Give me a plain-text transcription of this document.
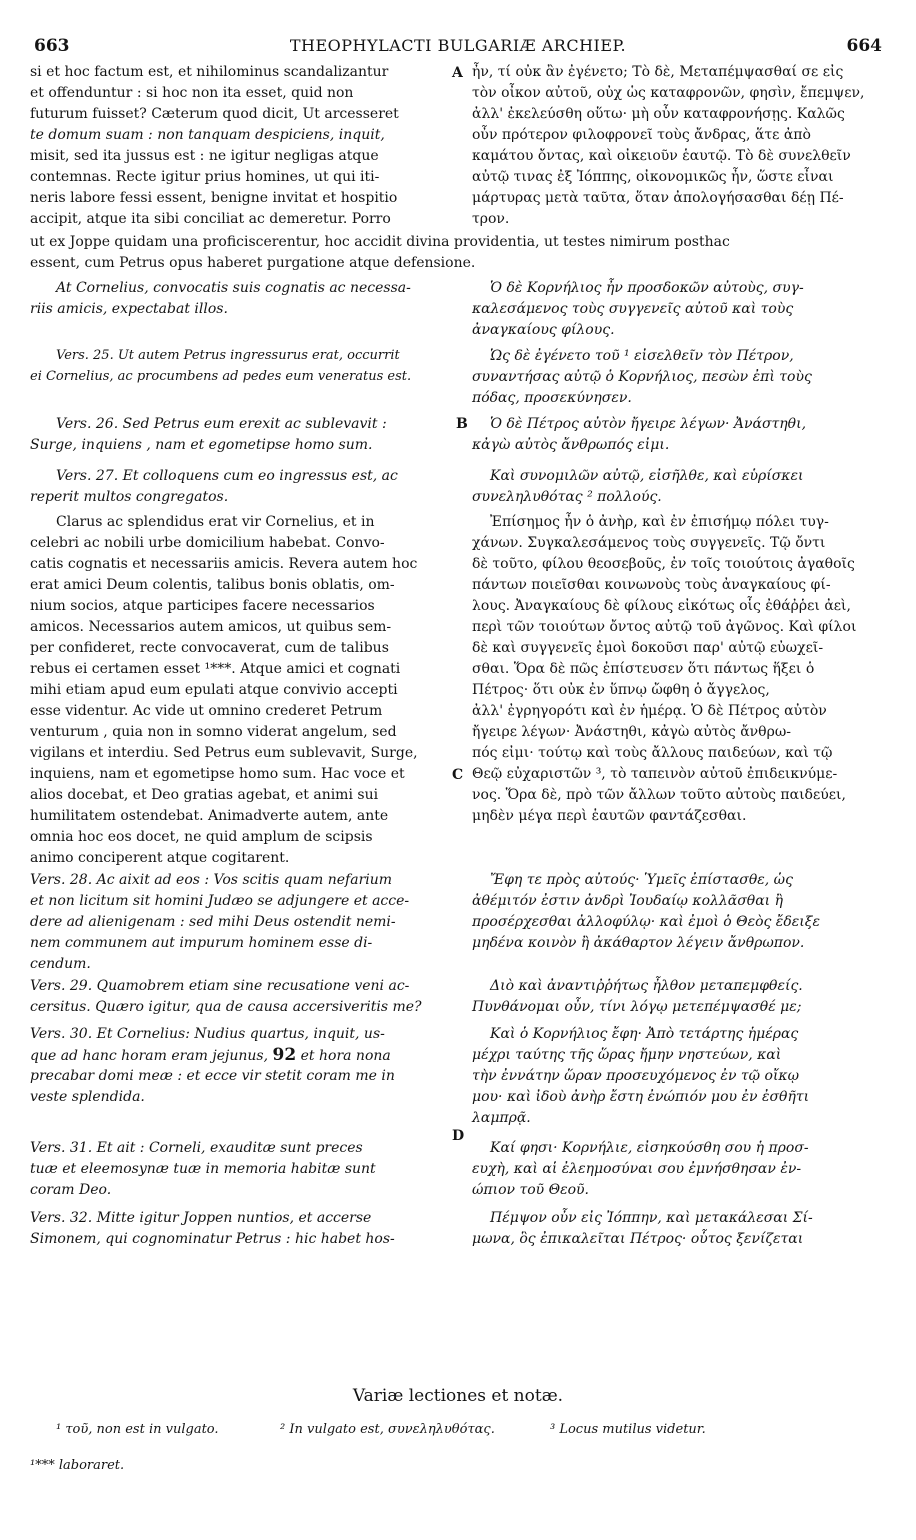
663	THEOPHYLACTI BULGARIÆ ARCHIEP.	664
A
B
C
D
si et hoc factum est, et nihilominus scandalizantur
et offenduntur : si hoc non ita esset, quid non
futurum fuisset? Cæterum quod dicit, Ut arcesseret
te domum suam : non tanquam despiciens, inquit,
misit, sed ita jussus est : ne igitur negligas atque
contemnas. Recte igitur prius homines, ut qui iti-
neris labore fessi essent, benigne invitat et hospitio
accipit, atque ita sibi conciliat ac demeretur. Porro
ut ex Joppe quidam una proficiscerentur, hoc accidit divina providentia, ut testes nimirum posthac
essent, cum Petrus opus haberet purgatione atque defensione.
At Cornelius, convocatis suis cognatis ac necessa-
riis amicis, expectabat illos.
Vers. 25. Ut autem Petrus ingressurus erat, occurrit
ei Cornelius, ac procumbens ad pedes eum veneratus est.
Vers. 26. Sed Petrus eum erexit ac sublevavit :
Surge, inquiens , nam et egometipse homo sum.
Vers. 27. Et colloquens cum eo ingressus est, ac
reperit multos congregatos.
Clarus ac splendidus erat vir Cornelius, et in
celebri ac nobili urbe domicilium habebat. Convo-
catis cognatis et necessariis amicis. Revera autem hoc
erat amici Deum colentis, talibus bonis oblatis, om-
nium socios, atque participes facere necessarios
amicos. Necessarios autem amicos, ut quibus sem-
per confideret, recte convocaverat, cum de talibus
rebus ei certamen esset ¹***. Atque amici et cognati
mihi etiam apud eum epulati atque convivio accepti
esse videntur. Ac vide ut omnino crederet Petrum
venturum , quia non in somno viderat angelum, sed
vigilans et interdiu. Sed Petrus eum sublevavit, Surge,
inquiens, nam et egometipse homo sum. Hac voce et
alios docebat, et Deo gratias agebat, et animi sui
humilitatem ostendebat. Animadverte autem, ante
omnia hoc eos docet, ne quid amplum de scipsis
animo conciperent atque cogitarent.
Vers. 28. Ac aixit ad eos : Vos scitis quam nefarium
et non licitum sit homini Judæo se adjungere et acce-
dere ad alienigenam : sed mihi Deus ostendit nemi-
nem communem aut impurum hominem esse di-
cendum.
Vers. 29. Quamobrem etiam sine recusatione veni ac-
cersitus. Quæro igitur, qua de causa accersiveritis me?
Vers. 30. Et Cornelius: Nudius quartus, inquit, us-
que ad hanc horam eram jejunus, 92 et hora nona
precabar domi meæ : et ecce vir stetit coram me in
veste splendida.
Vers. 31. Et ait : Corneli, exauditæ sunt preces
tuæ et eleemosynæ tuæ in memoria habitæ sunt
coram Deo.
Vers. 32. Mitte igitur Joppen nuntios, et accerse
Simonem, qui cognominatur Petrus : hic habet hos-
ἦν, τί οὐκ ἂν ἐγένετο; Τὸ δὲ, Μεταπέμψασθαί σε εἰς
τὸν οἶκον αὐτοῦ, οὐχ ὡς καταφρονῶν, φησὶν, ἔπεμψεν,
ἀλλ' ἐκελεύσθη οὕτω· μὴ οὖν καταφρονήσῃς. Καλῶς
οὖν πρότερον φιλοφρονεῖ τοὺς ἄνδρας, ἅτε ἀπὸ
καμάτου ὄντας, καὶ οἰκειοῦν ἑαυτῷ. Τὸ δὲ συνελθεῖν
αὐτῷ τινας ἐξ Ἰόππης, οἰκονομικῶς ἦν, ὥστε εἶναι
μάρτυρας μετὰ ταῦτα, ὅταν ἀπολογήσασθαι δέῃ Πέ-
τρον.
Ὁ δὲ Κορνήλιος ἦν προσδοκῶν αὐτοὺς, συγ-
καλεσάμενος τοὺς συγγενεῖς αὐτοῦ καὶ τοὺς
ἀναγκαίους φίλους.
Ὡς δὲ ἐγένετο τοῦ ¹ εἰσελθεῖν τὸν Πέτρον,
συναντήσας αὐτῷ ὁ Κορνήλιος, πεσὼν ἐπὶ τοὺς
πόδας, προσεκύνησεν.
Ὁ δὲ Πέτρος αὐτὸν ἤγειρε λέγων· Ἀνάστηθι,
κἀγὼ αὐτὸς ἄνθρωπός εἰμι.
Καὶ συνομιλῶν αὐτῷ, εἰσῆλθε, καὶ εὑρίσκει
συνεληλυθότας ² πολλούς.
Ἐπίσημος ἦν ὁ ἀνὴρ, καὶ ἐν ἐπισήμῳ πόλει τυγ-
χάνων. Συγκαλεσάμενος τοὺς συγγενεῖς. Τῷ ὄντι
δὲ τοῦτο, φίλου θεοσεβοῦς, ἐν τοῖς τοιούτοις ἀγαθοῖς
πάντων ποιεῖσθαι κοινωνοὺς τοὺς ἀναγκαίους φί-
λους. Ἀναγκαίους δὲ φίλους εἰκότως οἷς ἐθάῤῥει ἀεὶ,
περὶ τῶν τοιούτων ὄντος αὐτῷ τοῦ ἀγῶνος. Καὶ φίλοι
δὲ καὶ συγγενεῖς ἐμοὶ δοκοῦσι παρ' αὐτῷ εὐωχεῖ-
σθαι. Ὅρα δὲ πῶς ἐπίστευσεν ὅτι πάντως ἥξει ὁ
Πέτρος· ὅτι οὐκ ἐν ὕπνῳ ὤφθη ὁ ἄγγελος,
ἀλλ' ἐγρηγορότι καὶ ἐν ἡμέρᾳ. Ὁ δὲ Πέτρος αὐτὸν
ἤγειρε λέγων· Ἀνάστηθι, κἀγὼ αὐτὸς ἄνθρω-
πός εἰμι· τούτῳ καὶ τοὺς ἄλλους παιδεύων, καὶ τῷ
Θεῷ εὐχαριστῶν ³, τὸ ταπεινὸν αὐτοῦ ἐπιδεικνύμε-
νος. Ὅρα δὲ, πρὸ τῶν ἄλλων τοῦτο αὐτοὺς παιδεύει,
μηδὲν μέγα περὶ ἑαυτῶν φαντάζεσθαι.
Ἔφη τε πρὸς αὐτούς· Ὑμεῖς ἐπίστασθε, ὡς
ἀθέμιτόν ἐστιν ἀνδρὶ Ἰουδαίῳ κολλᾶσθαι ἢ
προσέρχεσθαι ἀλλοφύλῳ· καὶ ἐμοὶ ὁ Θεὸς ἔδειξε
μηδένα κοινὸν ἢ ἀκάθαρτον λέγειν ἄνθρωπον.
Διὸ καὶ ἀναντιῤῥήτως ἦλθον μεταπεμφθείς.
Πυνθάνομαι οὖν, τίνι λόγῳ μετεπέμψασθέ με;
Καὶ ὁ Κορνήλιος ἔφη· Ἀπὸ τετάρτης ἡμέρας
μέχρι ταύτης τῆς ὥρας ἤμην νηστεύων, καὶ
τὴν ἐννάτην ὥραν προσευχόμενος ἐν τῷ οἴκῳ
μου· καὶ ἰδοὺ ἀνὴρ ἔστη ἐνώπιόν μου ἐν ἐσθῆτι
λαμπρᾷ.
Καί φησι· Κορνήλιε, εἰσηκούσθη σου ἡ προσ-
ευχὴ, καὶ αἱ ἐλεημοσύναι σου ἐμνήσθησαν ἐν-
ώπιον τοῦ Θεοῦ.
Πέμψον οὖν εἰς Ἰόππην, καὶ μετακάλεσαι Σί-
μωνα, ὃς ἐπικαλεῖται Πέτρος· οὗτος ξενίζεται
Variæ lectiones et notæ.
¹ τοῦ, non est in vulgato.	² In vulgato est, συνεληλυθότας.	³ Locus mutilus videtur.
¹*** laboraret.
